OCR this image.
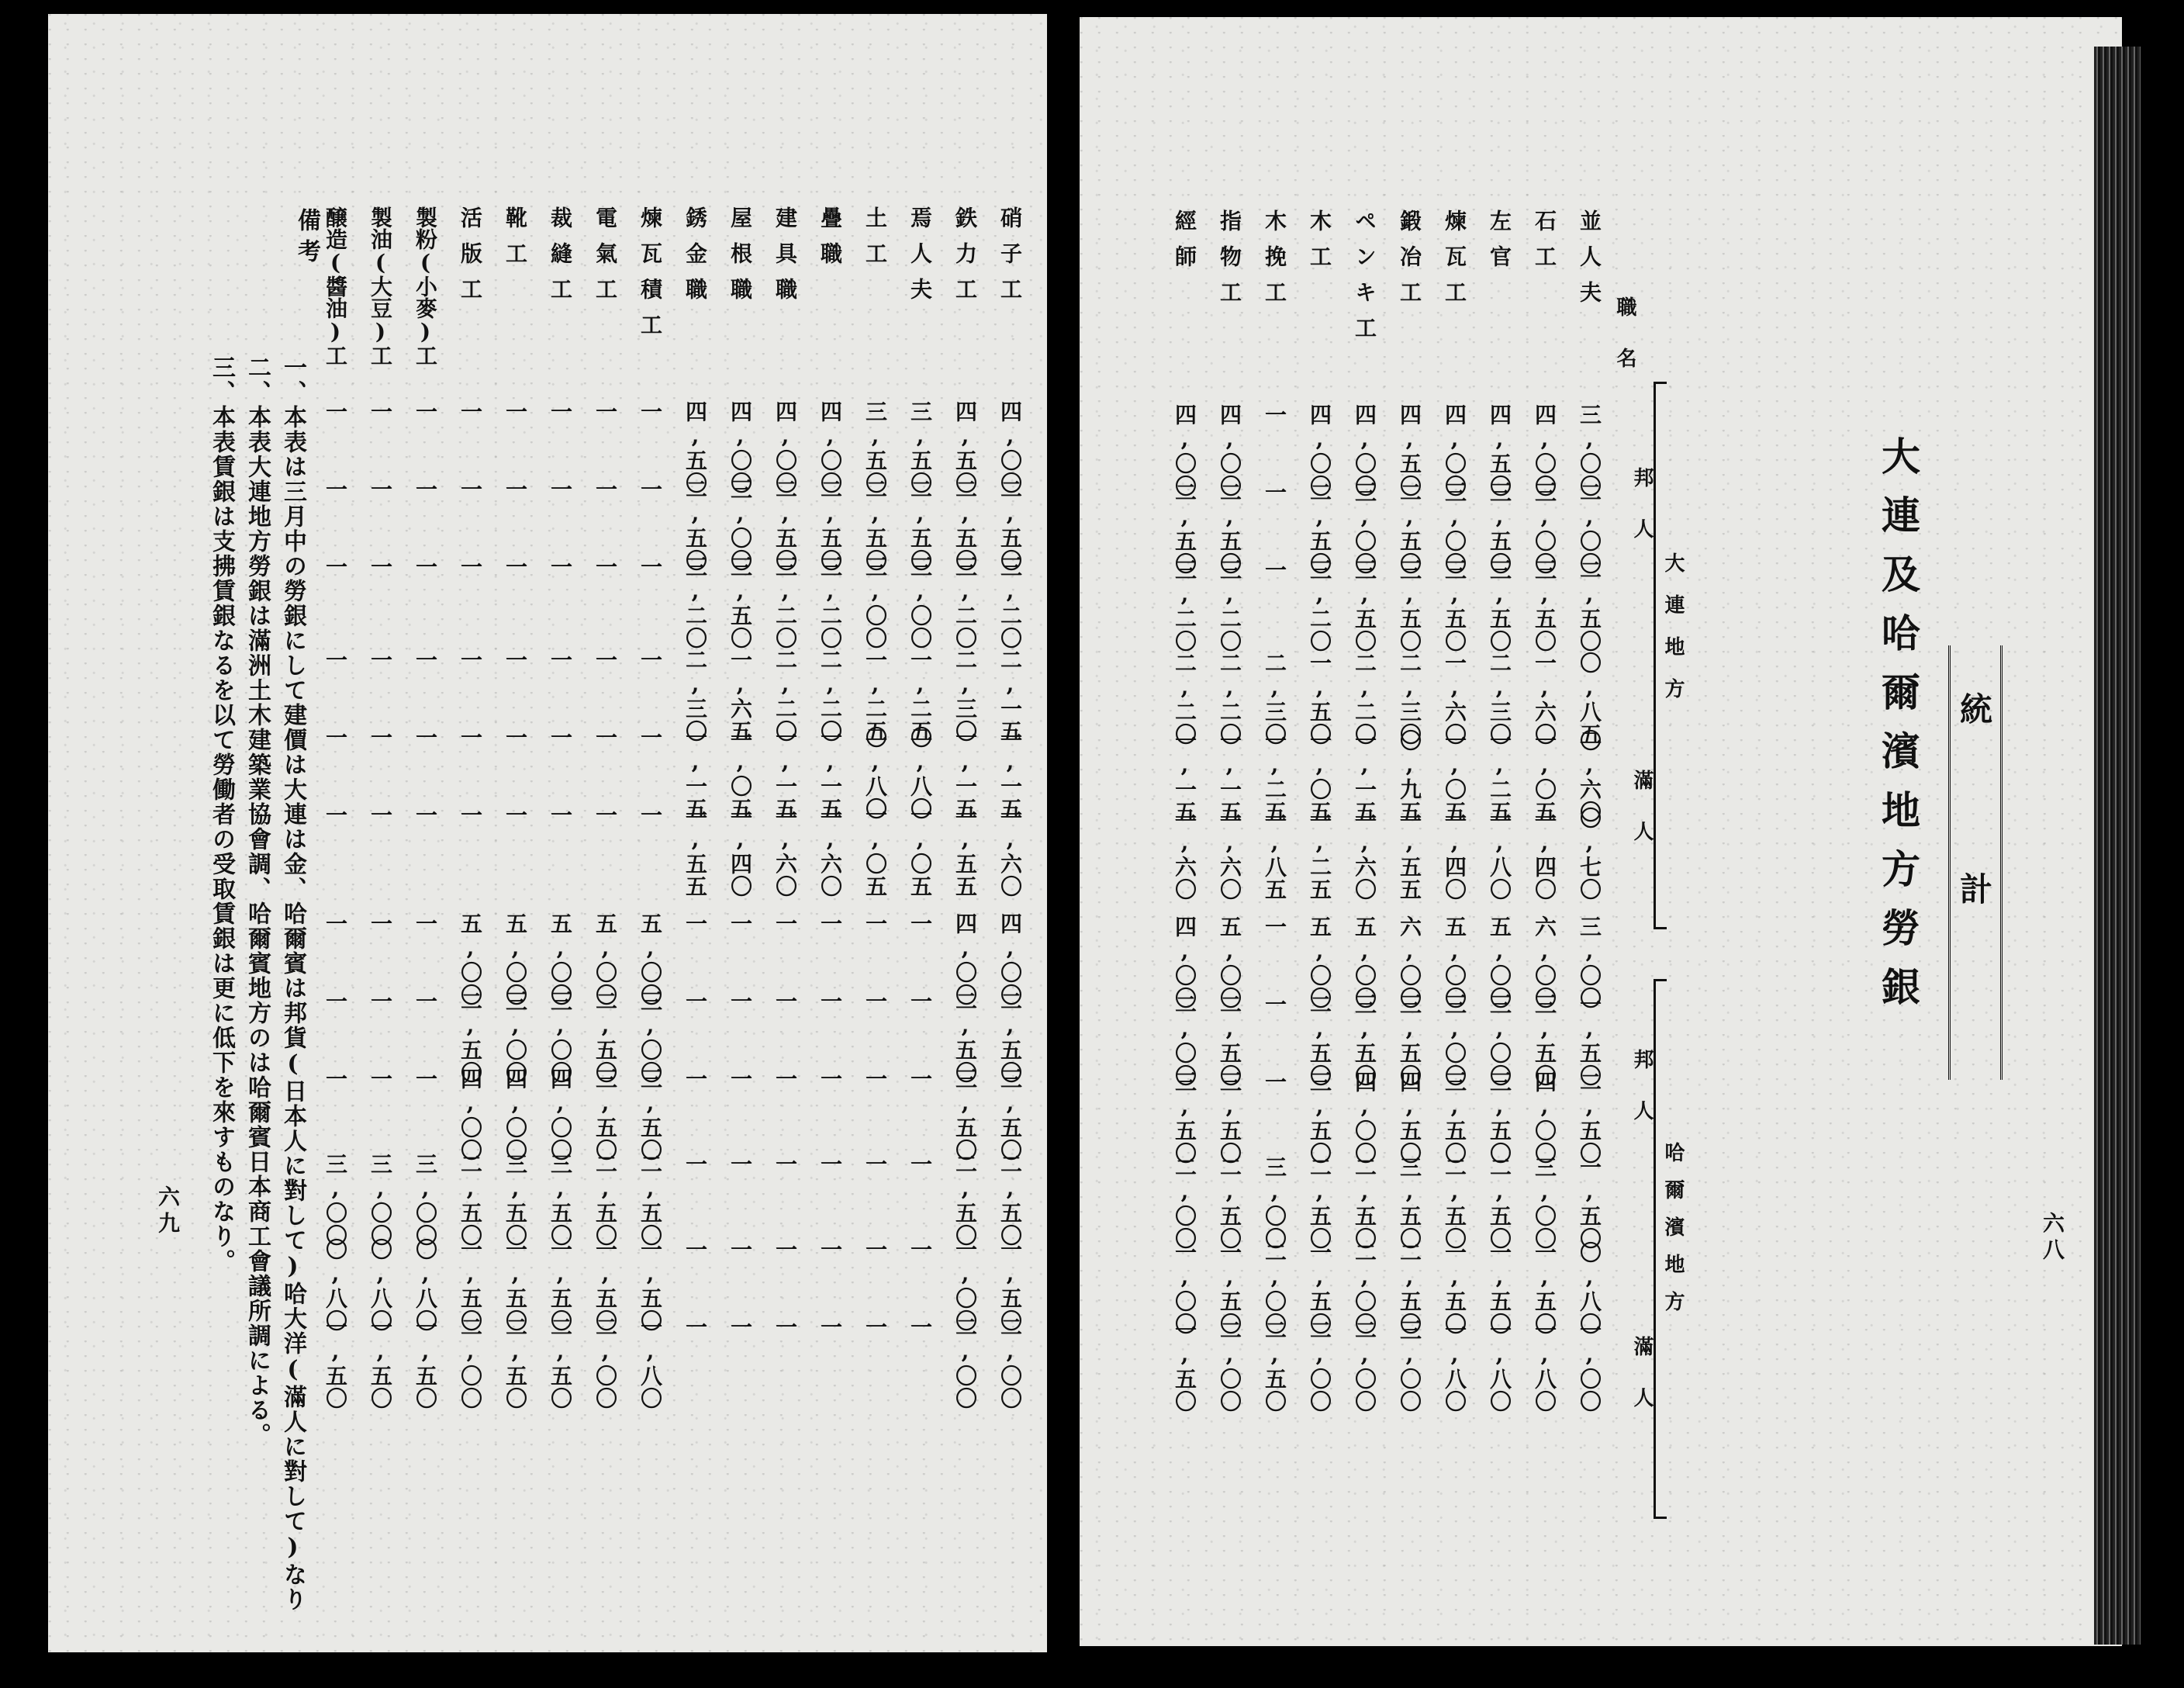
統計
大連及哈爾濱地方勞銀
六八
職名
大連地方
哈爾濱地方
邦人
滿人
邦人
滿人
並人夫
三,〇〇
二,〇〇
二,五〇
〇,八五
〇,六〇
〇,七〇
三,〇〇
一,五〇
二,五〇
一,五〇
〇,八〇
一,〇〇
石工
四,〇〇
三,〇〇
三,五〇
一,六〇
一,〇五
一,四〇
六,〇〇
三,五〇
四,〇〇
三,〇〇
一,五〇
一,八〇
左官
四,五〇
三,五〇
三,五〇
二,三〇
一,二五
一,八〇
五,〇〇
三,〇〇
三,五〇
二,五〇
一,五〇
一,八〇
煉瓦工
四,〇〇
三,〇〇
三,五〇
一,六〇
一,〇五
一,四〇
五,〇〇
三,〇〇
三,五〇
二,五〇
一,五〇
一,八〇
鍛冶工
四,五〇
二,五〇
三,五〇
二,三〇
〇,九五
一,五五
六,〇〇
三,五〇
四,五〇
三,五〇
二,五〇
三,〇〇
ペンキ工
四,〇〇
三,〇〇
三,五〇
二,二〇
一,一五
一,六〇
五,〇〇
三,五〇
四,〇〇
二,五〇
二,〇〇
二,〇〇
木工
四,〇〇
二,五〇
三,二〇
一,五〇
一,〇五
一,二五
五,〇〇
二,五〇
三,五〇
二,五〇
一,五〇
二,〇〇
木挽工
一
一
一
二,三〇
一,二五
一,八五
一
一
一
三,〇〇
二,〇〇
二,五〇
指物工
四,〇〇
二,五〇
三,二〇
二,二〇
一,一五
一,六〇
五,〇〇
二,五〇
三,五〇
二,五〇
一,五〇
二,〇〇
經師
四,〇〇
二,五〇
三,二〇
二,二〇
一,一五
一,六〇
四,〇〇
二,〇〇
三,五〇
二,〇〇
一,〇〇
一,五〇
六九
備考
一、本表は三月中の勞銀にして建價は大連は金、哈爾賓は邦貨(日本人に對して)哈大洋(滿人に對して)なり
二、本表大連地方勞銀は滿洲土木建築業協會調、哈爾賓地方のは哈爾賓日本商工會議所調による。
三、本表賃銀は支拂賃銀なるを以て勞働者の受取賃銀は更に低下を來すものなり。
硝子工
四,〇〇
二,五〇
三,二〇
二,一五
一,一五
一,六〇
四,〇〇
二,五〇
三,五〇
二,五〇
一,五〇
二,〇〇
鉄力工
四,五〇
二,五〇
三,二〇
二,三〇
一,一五
一,五五
四,〇〇
二,五〇
三,五〇
二,五〇
一,〇〇
二,〇〇
焉人夫
三,五〇
二,五〇
三,〇〇
一,二五
〇,八〇
一,〇五
一
一
一
一
一
一
土工
三,五〇
二,五〇
三,〇〇
一,二五
〇,八〇
一,〇五
一
一
一
一
一
一
疊職
四,〇〇
二,五〇
三,二〇
二,二〇
一,一五
一,六〇
一
一
一
一
一
一
建具職
四,〇〇
二,五〇
三,二〇
二,二〇
一,一五
一,六〇
一
一
一
一
一
一
屋根職
四,〇〇
三,〇〇
三,五〇
一,六五
一,〇五
一,四〇
一
一
一
一
一
一
銹金職
四,五〇
二,五〇
三,二〇
二,三〇
一,一五
一,五五
一
一
一
一
一
一
煉瓦積工
一
一
一
一
一
一
五,〇〇
三,〇〇
三,五〇
二,五〇
一,五〇
一,八〇
電氣工
一
一
一
一
一
一
五,〇〇
二,五〇
三,五〇
二,五〇
一,五〇
二,〇〇
裁縫工
一
一
一
一
一
一
五,〇〇
三,〇〇
四,〇〇
三,五〇
一,五〇
二,五〇
靴工
一
一
一
一
一
一
五,〇〇
三,〇〇
四,〇〇
三,五〇
一,五〇
二,五〇
活版工
一
一
一
一
一
一
五,〇〇
二,五〇
四,〇〇
二,五〇
一,五〇
二,〇〇
製粉(小麥)工
一
一
一
一
一
一
一
一
一
三,〇〇
〇,八〇
一,五〇
製油(大豆)工
一
一
一
一
一
一
一
一
一
三,〇〇
〇,八〇
一,五〇
醸造(醬油)工
一
一
一
一
一
一
一
一
一
三,〇〇
〇,八〇
一,五〇
